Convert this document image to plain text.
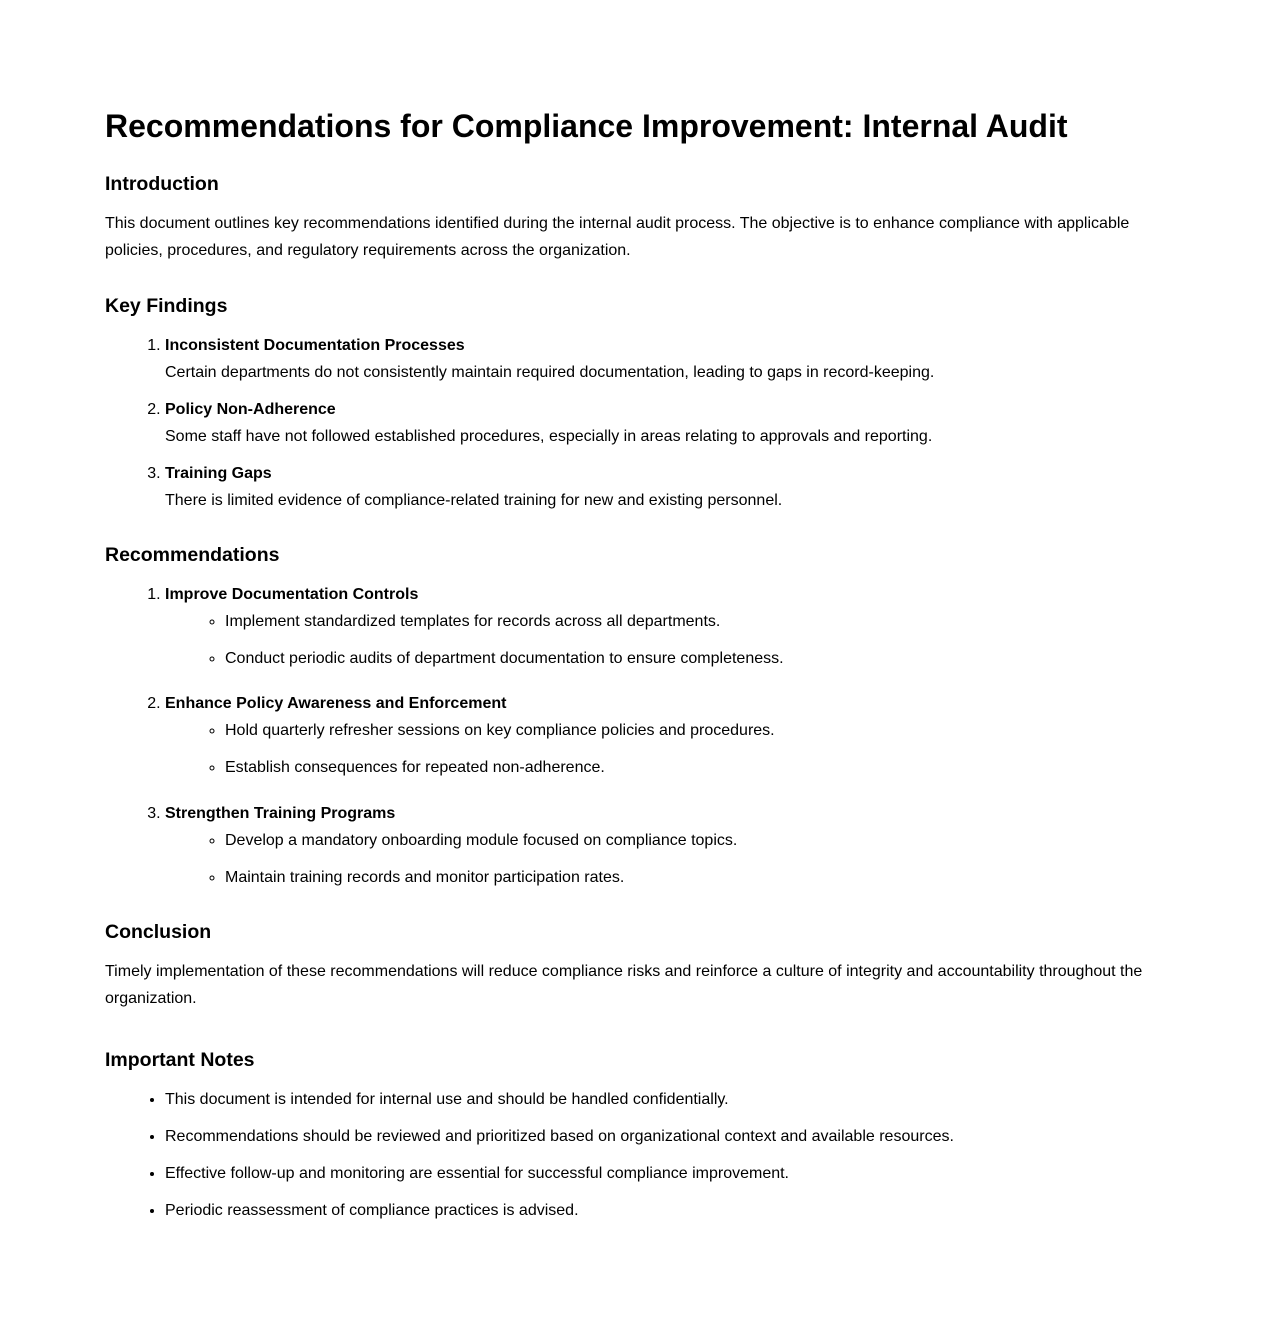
Recommendations for Compliance Improvement: Internal Audit
Introduction

This document outlines key recommendations identified during the internal audit process. The objective is to enhance compliance with applicable policies, procedures, and regulatory requirements across the organization.

Key Findings
1. Inconsistent Documentation Processes
Certain departments do not consistently maintain required documentation, leading to gaps in record-keeping.
2. Policy Non-Adherence
Some staff have not followed established procedures, especially in areas relating to approvals and reporting.
3. Training Gaps
There is limited evidence of compliance-related training for new and existing personnel.
Recommendations
1. Improve Documentation Controls
◦ Implement standardized templates for records across all departments.
◦ Conduct periodic audits of department documentation to ensure completeness.
2. Enhance Policy Awareness and Enforcement
◦ Hold quarterly refresher sessions on key compliance policies and procedures.
◦ Establish consequences for repeated non-adherence.
3. Strengthen Training Programs
◦ Develop a mandatory onboarding module focused on compliance topics.
◦ Maintain training records and monitor participation rates.
Conclusion

Timely implementation of these recommendations will reduce compliance risks and reinforce a culture of integrity and accountability throughout the organization.

Important Notes
• This document is intended for internal use and should be handled confidentially.
• Recommendations should be reviewed and prioritized based on organizational context and available resources.
• Effective follow-up and monitoring are essential for successful compliance improvement.
• Periodic reassessment of compliance practices is advised.
